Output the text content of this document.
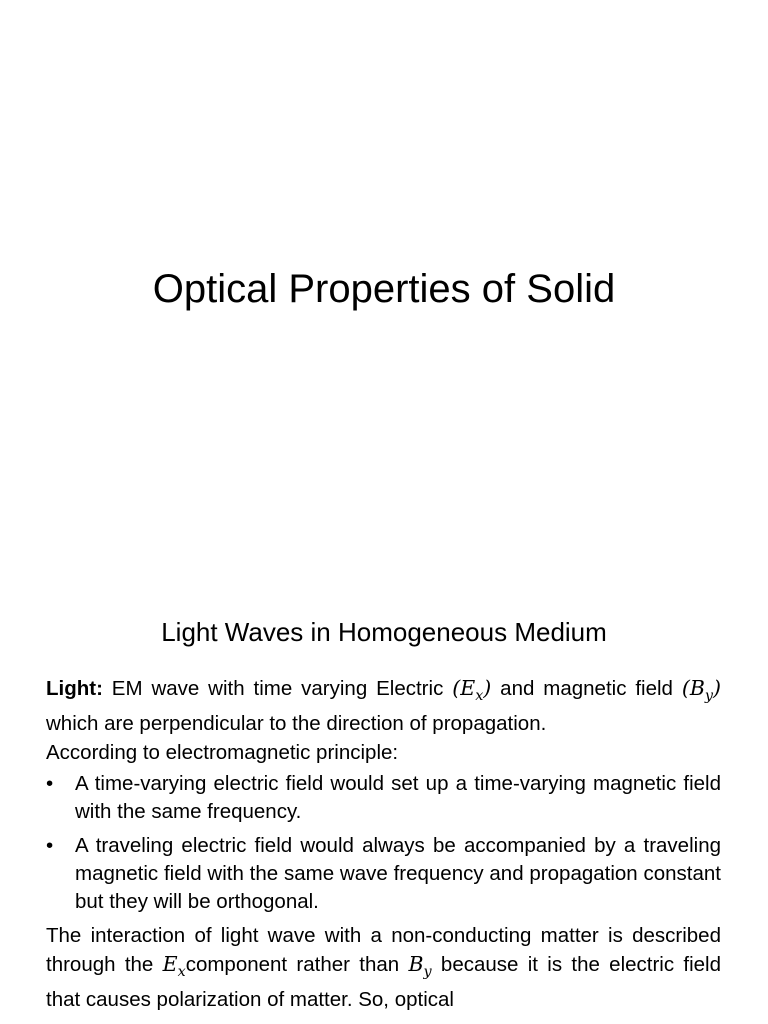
Optical Properties of Solid
Light Waves in Homogeneous Medium

Light: EM wave with time varying Electric $(E_x)$ and magnetic field $(B_y)$ which are perpendicular to the direction of propagation.

According to electromagnetic principle:

• A time-varying electric field would set up a time-varying magnetic field with the same frequency.
• A traveling electric field would always be accompanied by a traveling magnetic field with the same wave frequency and propagation constant but they will be orthogonal.

The interaction of light wave with a non-conducting matter is described through the $E_xcomponent$ rather than $B_y$ because it is the electric field that causes polarization of matter. So, optical
